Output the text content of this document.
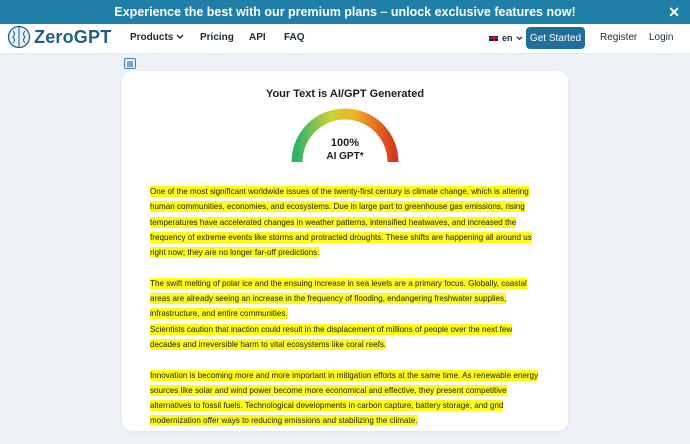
Experience the best with our premium plans – unlock exclusive features now!	✕
ZeroGPT Products	Pricing API FAQ	en	Get Started	Register Login
▤
Your Text is AI/GPT Generated
100%
AI GPT*

One of the most significant worldwide issues of the twenty-first century is climate change, which is altering human communities, economies, and ecosystems. Due in large part to greenhouse gas emissions, rising temperatures have accelerated changes in weather patterns, intensified heatwaves, and increased the frequency of extreme events like storms and protracted droughts. These shifts are happening all around us right now; they are no longer far-off predictions.

The swift melting of polar ice and the ensuing increase in sea levels are a primary focus. Globally, coastal areas are already seeing an increase in the frequency of flooding, endangering freshwater supplies, infrastructure, and entire communities.

Scientists caution that inaction could result in the displacement of millions of people over the next few decades and irreversible harm to vital ecosystems like coral reefs.

Innovation is becoming more and more important in mitigation efforts at the same time. As renewable energy sources like solar and wind power become more economical and effective, they present competitive alternatives to fossil fuels. Technological developments in carbon capture, battery storage, and grid modernization offer ways to reducing emissions and stabilizing the climate.
